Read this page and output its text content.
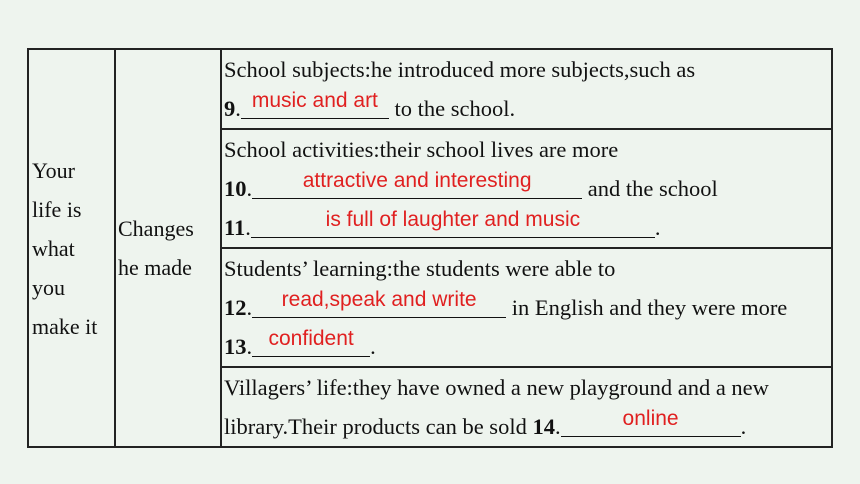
Your
life is
what
you
make it

Changes
he made

School subjects:he introduced more subjects,such as
9. music and art to the school.

School activities:their school lives are more
10.	attractive and interesting	and the school
11.	is full of laughter and music	.

Students’ learning:the students were able to
12.	read,speak and write	in English and they were more
13. confident .

Villagers’ life:they have owned a new playground and a new
library.Their products can be sold 14.	online	.
